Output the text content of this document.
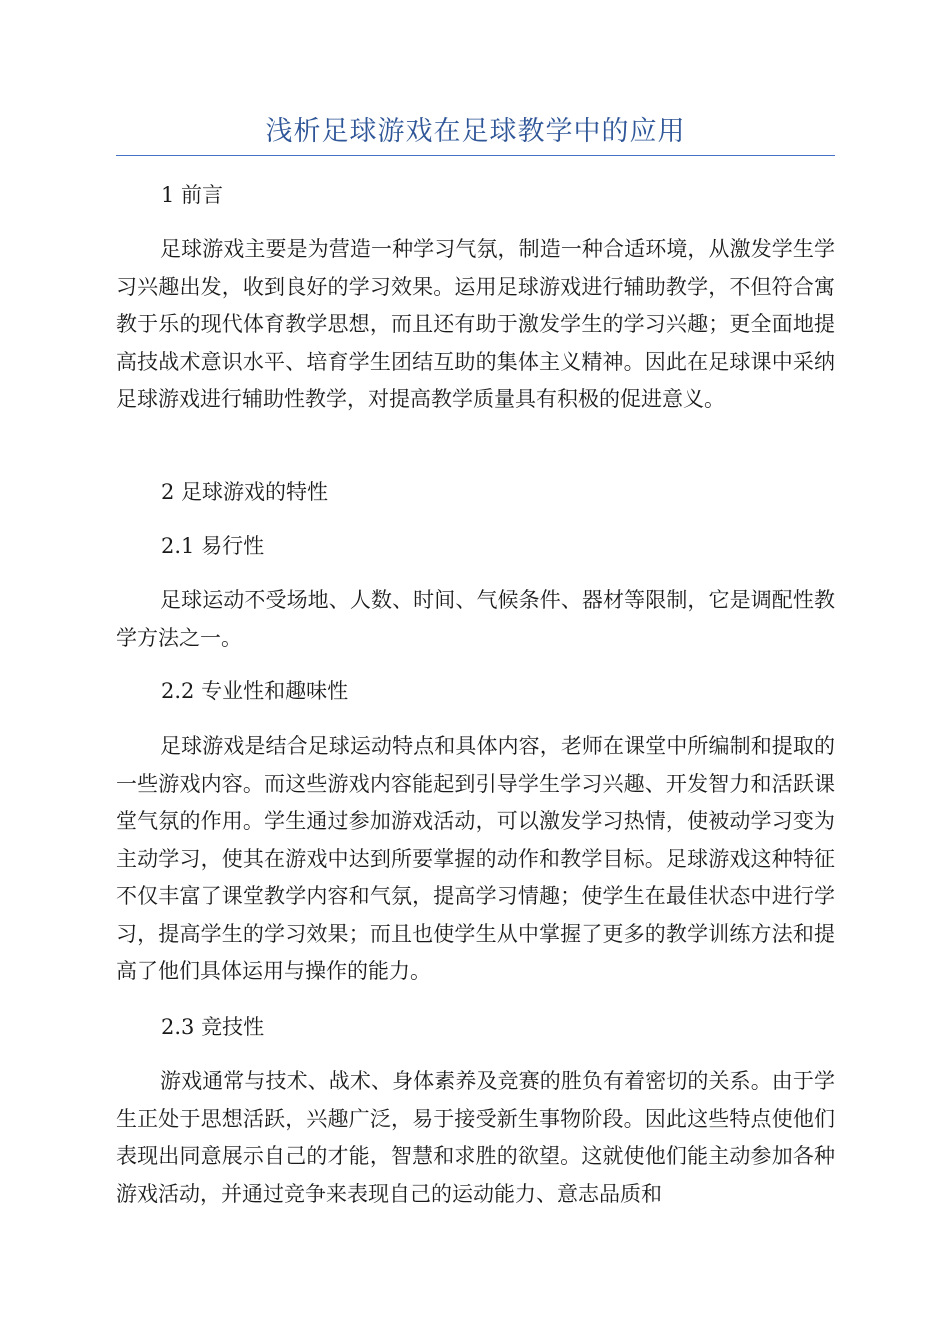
浅析足球游戏在足球教学中的应用

1 前言

足球游戏主要是为营造一种学习气氛，制造一种合适环境，从激发学生学习兴趣出发，收到良好的学习效果。运用足球游戏进行辅助教学，不但符合寓教于乐的现代体育教学思想，而且还有助于激发学生的学习兴趣；更全面地提高技战术意识水平、培育学生团结互助的集体主义精神。因此在足球课中采纳足球游戏进行辅助性教学，对提高教学质量具有积极的促进意义。

2 足球游戏的特性

2.1 易行性

足球运动不受场地、人数、时间、气候条件、器材等限制，它是调配性教学方法之一。

2.2 专业性和趣味性

足球游戏是结合足球运动特点和具体内容，老师在课堂中所编制和提取的一些游戏内容。而这些游戏内容能起到引导学生学习兴趣、开发智力和活跃课堂气氛的作用。学生通过参加游戏活动，可以激发学习热情，使被动学习变为主动学习，使其在游戏中达到所要掌握的动作和教学目标。足球游戏这种特征不仅丰富了课堂教学内容和气氛，提高学习情趣；使学生在最佳状态中进行学习，提高学生的学习效果；而且也使学生从中掌握了更多的教学训练方法和提高了他们具体运用与操作的能力。

2.3 竞技性

游戏通常与技术、战术、身体素养及竞赛的胜负有着密切的关系。由于学生正处于思想活跃，兴趣广泛，易于接受新生事物阶段。因此这些特点使他们表现出同意展示自己的才能，智慧和求胜的欲望。这就使他们能主动参加各种游戏活动，并通过竞争来表现自己的运动能力、意志品质和
